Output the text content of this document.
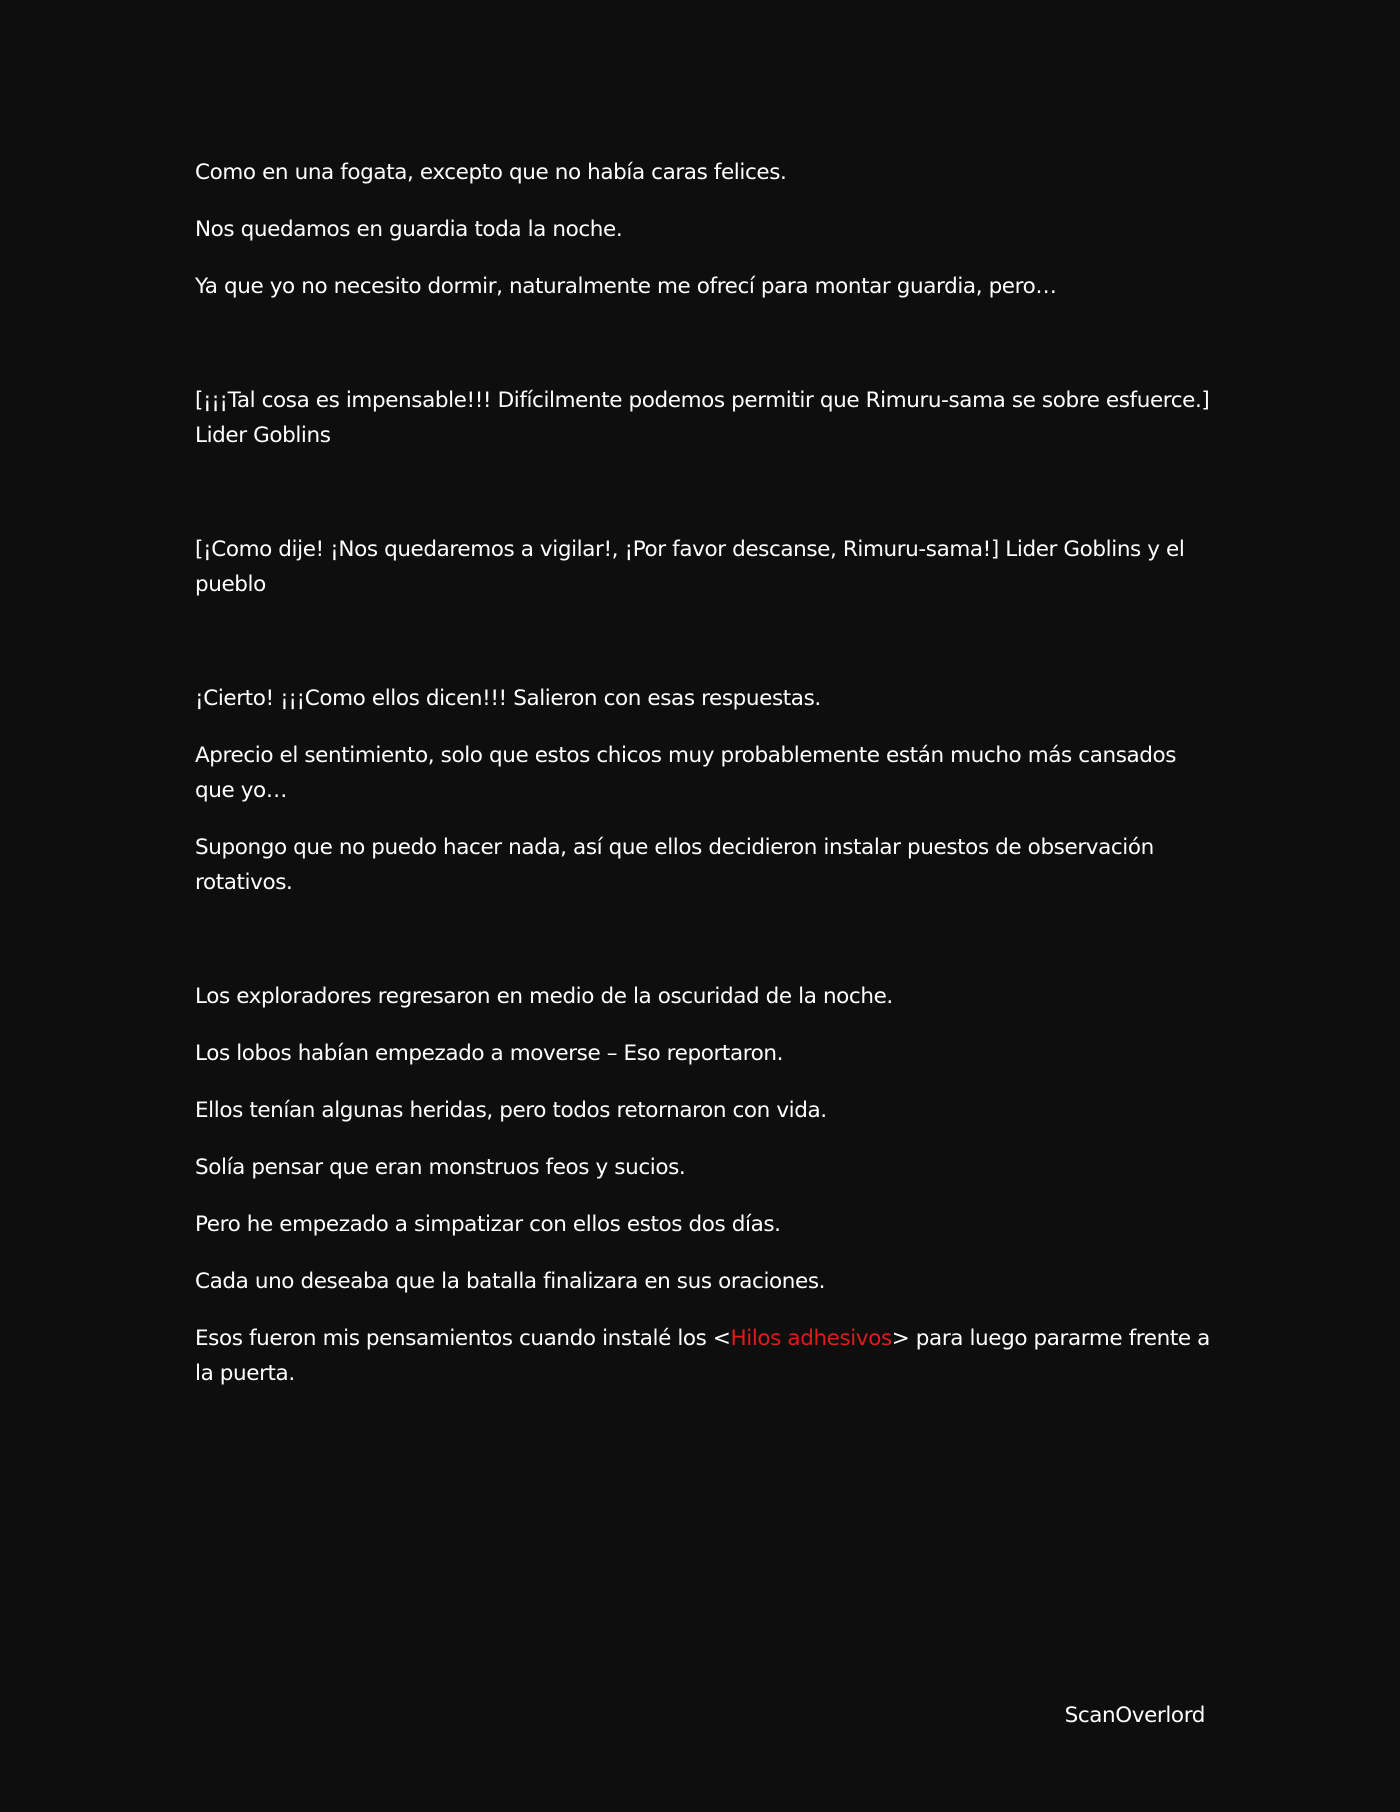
Como en una fogata, excepto que no había caras felices.

Nos quedamos en guardia toda la noche.

Ya que yo no necesito dormir, naturalmente me ofrecí para montar guardia, pero…

[¡¡¡Tal cosa es impensable!!! Difícilmente podemos permitir que Rimuru-sama se sobre esfuerce.] Lider Goblins

[¡Como dije! ¡Nos quedaremos a vigilar!, ¡Por favor descanse, Rimuru-sama!] Lider Goblins y el pueblo

¡Cierto! ¡¡¡Como ellos dicen!!! Salieron con esas respuestas.

Aprecio el sentimiento, solo que estos chicos muy probablemente están mucho más cansados que yo…

Supongo que no puedo hacer nada, así que ellos decidieron instalar puestos de observación rotativos.

Los exploradores regresaron en medio de la oscuridad de la noche.

Los lobos habían empezado a moverse – Eso reportaron.

Ellos tenían algunas heridas, pero todos retornaron con vida.

Solía pensar que eran monstruos feos y sucios.

Pero he empezado a simpatizar con ellos estos dos días.

Cada uno deseaba que la batalla finalizara en sus oraciones.

Esos fueron mis pensamientos cuando instalé los <Hilos adhesivos> para luego pararme frente a la puerta.

ScanOverlord
